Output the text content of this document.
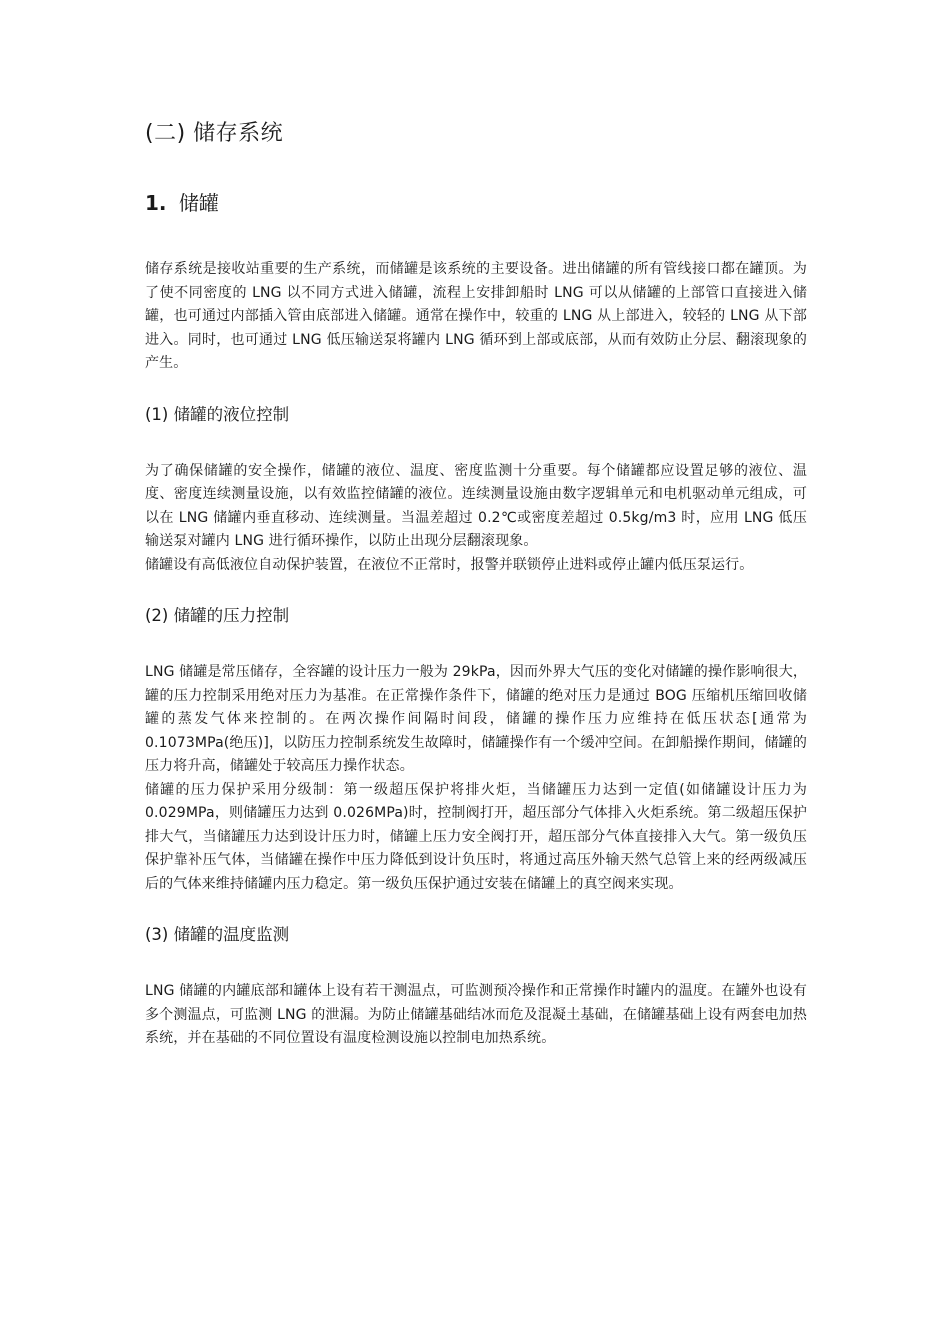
(二) 储存系统
1. 储罐

储存系统是接收站重要的生产系统，而储罐是该系统的主要设备。进出储罐的所有管线接口都在罐顶。为了使不同密度的 LNG 以不同方式进入储罐，流程上安排卸船时 LNG 可以从储罐的上部管口直接进入储罐，也可通过内部插入管由底部进入储罐。通常在操作中，较重的 LNG 从上部进入，较轻的 LNG 从下部进入。同时，也可通过 LNG 低压输送泵将罐内 LNG 循环到上部或底部，从而有效防止分层、翻滚现象的产生。

(1) 储罐的液位控制

为了确保储罐的安全操作，储罐的液位、温度、密度监测十分重要。每个储罐都应设置足够的液位、温度、密度连续测量设施，以有效监控储罐的液位。连续测量设施由数字逻辑单元和电机驱动单元组成，可以在 LNG 储罐内垂直移动、连续测量。当温差超过 0.2℃或密度差超过 0.5kg/m3 时，应用 LNG 低压输送泵对罐内 LNG 进行循环操作，以防止出现分层翻滚现象。

储罐设有高低液位自动保护装置，在液位不正常时，报警并联锁停止进料或停止罐内低压泵运行。

(2) 储罐的压力控制

LNG 储罐是常压储存，全容罐的设计压力一般为 29kPa，因而外界大气压的变化对储罐的操作影响很大，罐的压力控制采用绝对压力为基准。在正常操作条件下，储罐的绝对压力是通过 BOG 压缩机压缩回收储罐的蒸发气体来控制的。在两次操作间隔时间段，储罐的操作压力应维持在低压状态[通常为 0.1073MPa(绝压)]，以防压力控制系统发生故障时，储罐操作有一个缓冲空间。在卸船操作期间，储罐的压力将升高，储罐处于较高压力操作状态。

储罐的压力保护采用分级制：第一级超压保护将排火炬，当储罐压力达到一定值(如储罐设计压力为 0.029MPa，则储罐压力达到 0.026MPa)时，控制阀打开，超压部分气体排入火炬系统。第二级超压保护排大气，当储罐压力达到设计压力时，储罐上压力安全阀打开，超压部分气体直接排入大气。第一级负压保护靠补压气体，当储罐在操作中压力降低到设计负压时，将通过高压外输天然气总管上来的经两级减压后的气体来维持储罐内压力稳定。第一级负压保护通过安装在储罐上的真空阀来实现。

(3) 储罐的温度监测

LNG 储罐的内罐底部和罐体上设有若干测温点，可监测预冷操作和正常操作时罐内的温度。在罐外也设有多个测温点，可监测 LNG 的泄漏。为防止储罐基础结冰而危及混凝土基础，在储罐基础上设有两套电加热系统，并在基础的不同位置设有温度检测设施以控制电加热系统。
